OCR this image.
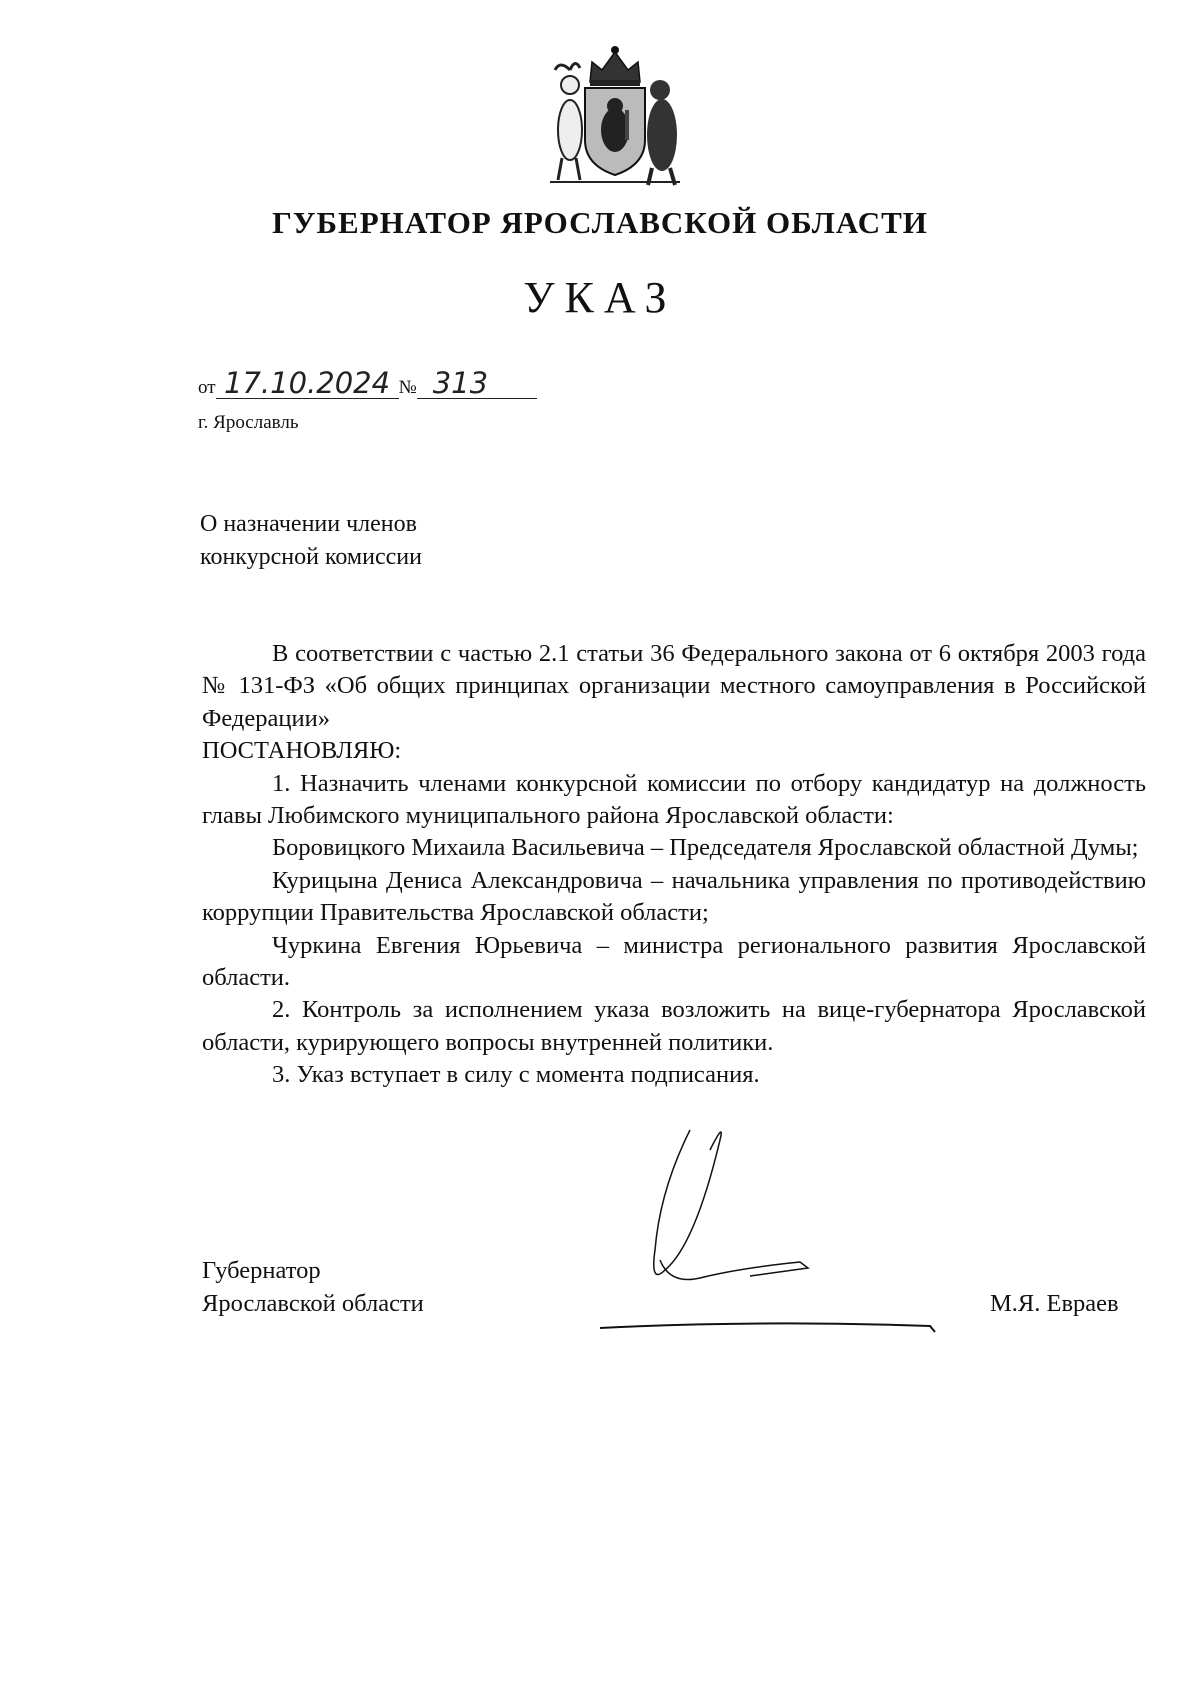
ГУБЕРНАТОР ЯРОСЛАВСКОЙ ОБЛАСТИ
УКАЗ
от 17.10.2024 № 313
г. Ярославль
О назначении членов
конкурсной комиссии

В соответствии с частью 2.1 статьи 36 Федерального закона от 6 октября 2003 года № 131-ФЗ «Об общих принципах организации местного самоуправления в Российской Федерации»

ПОСТАНОВЛЯЮ:

1. Назначить членами конкурсной комиссии по отбору кандидатур на должность главы Любимского муниципального района Ярославской области:

Боровицкого Михаила Васильевича – Председателя Ярославской областной Думы;

Курицына Дениса Александровича – начальника управления по противодействию коррупции Правительства Ярославской области;

Чуркина Евгения Юрьевича – министра регионального развития Ярославской области.

2. Контроль за исполнением указа возложить на вице-губернатора Ярославской области, курирующего вопросы внутренней политики.

3. Указ вступает в силу с момента подписания.

Губернатор
Ярославской области	М.Я. Евраев
